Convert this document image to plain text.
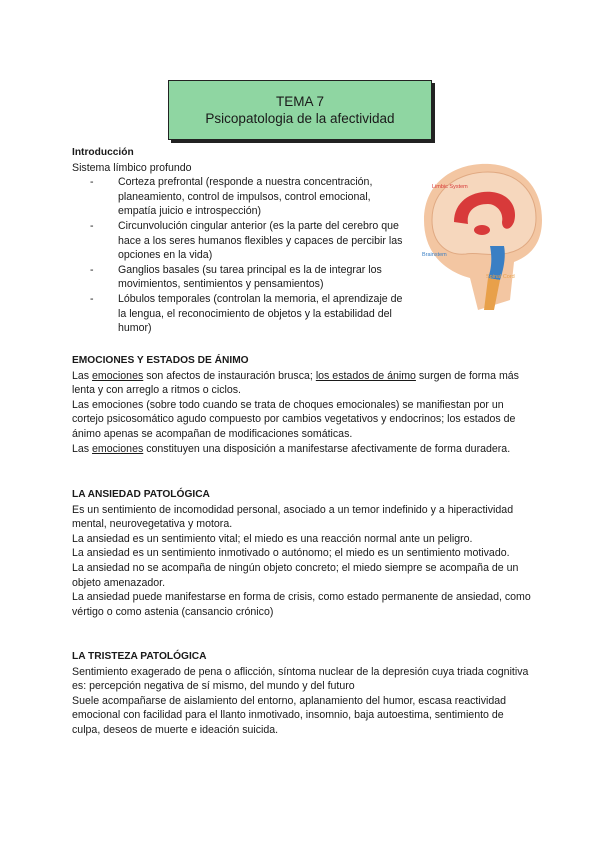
TEMA 7
Psicopatologia de la afectividad
Introducción
Sistema límbico profundo
- Corteza prefrontal (responde a nuestra concentración, planeamiento, control de impulsos, control emocional, empatía juicio e introspección)
- Circunvolución cingular anterior (es la parte del cerebro que hace a los seres humanos flexibles y capaces de percibir las opciones en la vida)
- Ganglios basales (su tarea principal es la de integrar los movimientos, sentimientos y pensamientos)
- Lóbulos temporales (controlan la memoria, el aprendizaje de la lengua, el reconocimiento de objetos y la estabilidad del humor)
Limbic System
Brainstem
Spinal Cord
EMOCIONES Y ESTADOS DE ÁNIMO

Las emociones son afectos de instauración brusca; los estados de ánimo surgen de forma más lenta y con arreglo a ritmos o ciclos.

Las emociones (sobre todo cuando se trata de choques emocionales) se manifiestan por un cortejo psicosomático agudo compuesto por cambios vegetativos y endocrinos; los estados de ánimo apenas se acompañan de modificaciones somáticas.

Las emociones constituyen una disposición a manifestarse afectivamente de forma duradera.

LA ANSIEDAD PATOLÓGICA

Es un sentimiento de incomodidad personal, asociado a un temor indefinido y a hiperactividad mental, neurovegetativa y motora.

La ansiedad es un sentimiento vital; el miedo es una reacción normal ante un peligro.

La ansiedad es un sentimiento inmotivado o autónomo; el miedo es un sentimiento motivado.

La ansiedad no se acompaña de ningún objeto concreto; el miedo siempre se acompaña de un objeto amenazador.

La ansiedad puede manifestarse en forma de crisis, como estado permanente de ansiedad, como vértigo o como astenia (cansancio crónico)

LA TRISTEZA PATOLÓGICA

Sentimiento exagerado de pena o aflicción, síntoma nuclear de la depresión cuya triada cognitiva es: percepción negativa de sí mismo, del mundo y del futuro

Suele acompañarse de aislamiento del entorno, aplanamiento del humor, escasa reactividad emocional con facilidad para el llanto inmotivado, insomnio, baja autoestima, sentimiento de culpa, deseos de muerte e ideación suicida.
